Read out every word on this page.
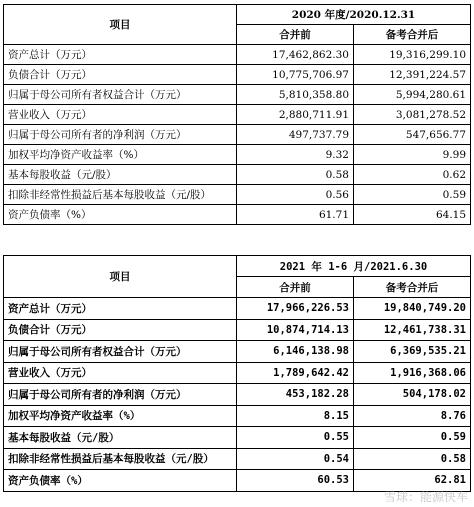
项目	2020 年度/2020.12.31	
	合并前	备考合并后
资产总计（万元）	17,462,862.30	19,316,299.10
负债合计（万元）	10,775,706.97	12,391,224.57
归属于母公司所有者权益合计（万元）	5,810,358.80	5,994,280.61
营业收入（万元）	2,880,711.91	3,081,278.52
归属于母公司所有者的净利润（万元）	497,737.79	547,656.77
加权平均净资产收益率（%）	9.32	9.99
基本每股收益（元/股）	0.58	0.62
扣除非经常性损益后基本每股收益（元/股）	0.56	0.59
资产负债率（%）	61.71	64.15
项目	2021 年 1-6 月/2021.6.30	
	合并前	备考合并后
资产总计（万元）	17,966,226.53	19,840,749.20
负债合计（万元）	10,874,714.13	12,461,738.31
归属于母公司所有者权益合计（万元）	6,146,138.98	6,369,535.21
营业收入（万元）	1,789,642.42	1,916,368.06
归属于母公司所有者的净利润（万元）	453,182.28	504,178.02
加权平均净资产收益率（%）	8.15	8.76
基本每股收益（元/股）	0.55	0.59
扣除非经常性损益后基本每股收益（元/股）	0.54	0.58
资产负债率（%）	60.53	62.81
雪球：能源快车
